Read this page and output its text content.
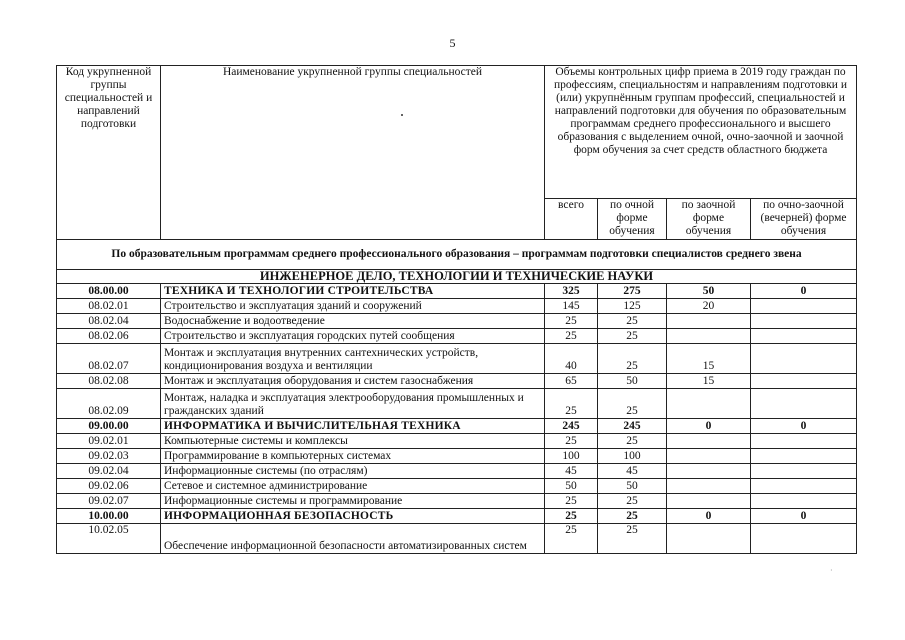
5
Код укрупненной группы специальностей и направлений подготовки	Наименование укрупненной группы специальностей	Объемы контрольных цифр приема в 2019 году граждан по профессиям, специальностям и направлениям подготовки и (или) укрупнённым группам профессий, специальностей и направлений подготовки для обучения по образовательным программам среднего профессионального и высшего образования с выделением очной, очно-заочной и заочной форм обучения за счет средств областного бюджета			
		всего	по очной форме обучения	по заочной форме обучения	по очно-заочной (вечерней) форме обучения
По образовательным программам среднего профессионального образования – программам подготовки специалистов среднего звена					
ИНЖЕНЕРНОЕ ДЕЛО, ТЕХНОЛОГИИ И ТЕХНИЧЕСКИЕ НАУКИ					
08.00.00	ТЕХНИКА И ТЕХНОЛОГИИ СТРОИТЕЛЬСТВА	325	275	50	0
08.02.01	Строительство и эксплуатация зданий и сооружений	145	125	20	
08.02.04	Водоснабжение и водоотведение	25	25		
08.02.06	Строительство и эксплуатация городских путей сообщения	25	25		
08.02.07	Монтаж и эксплуатация внутренних сантехнических устройств, кондиционирования воздуха и вентиляции	40	25	15	
08.02.08	Монтаж и эксплуатация оборудования и систем газоснабжения	65	50	15	
08.02.09	Монтаж, наладка и эксплуатация электрооборудования промышленных и гражданских зданий	25	25		
09.00.00	ИНФОРМАТИКА И ВЫЧИСЛИТЕЛЬНАЯ ТЕХНИКА	245	245	0	0
09.02.01	Компьютерные системы и комплексы	25	25		
09.02.03	Программирование в компьютерных системах	100	100		
09.02.04	Информационные системы (по отраслям)	45	45		
09.02.06	Сетевое и системное администрирование	50	50		
09.02.07	Информационные системы и программирование	25	25		
10.00.00	ИНФОРМАЦИОННАЯ БЕЗОПАСНОСТЬ	25	25	0	0
10.02.05	Обеспечение информационной безопасности автоматизированных систем	25	25		
·
